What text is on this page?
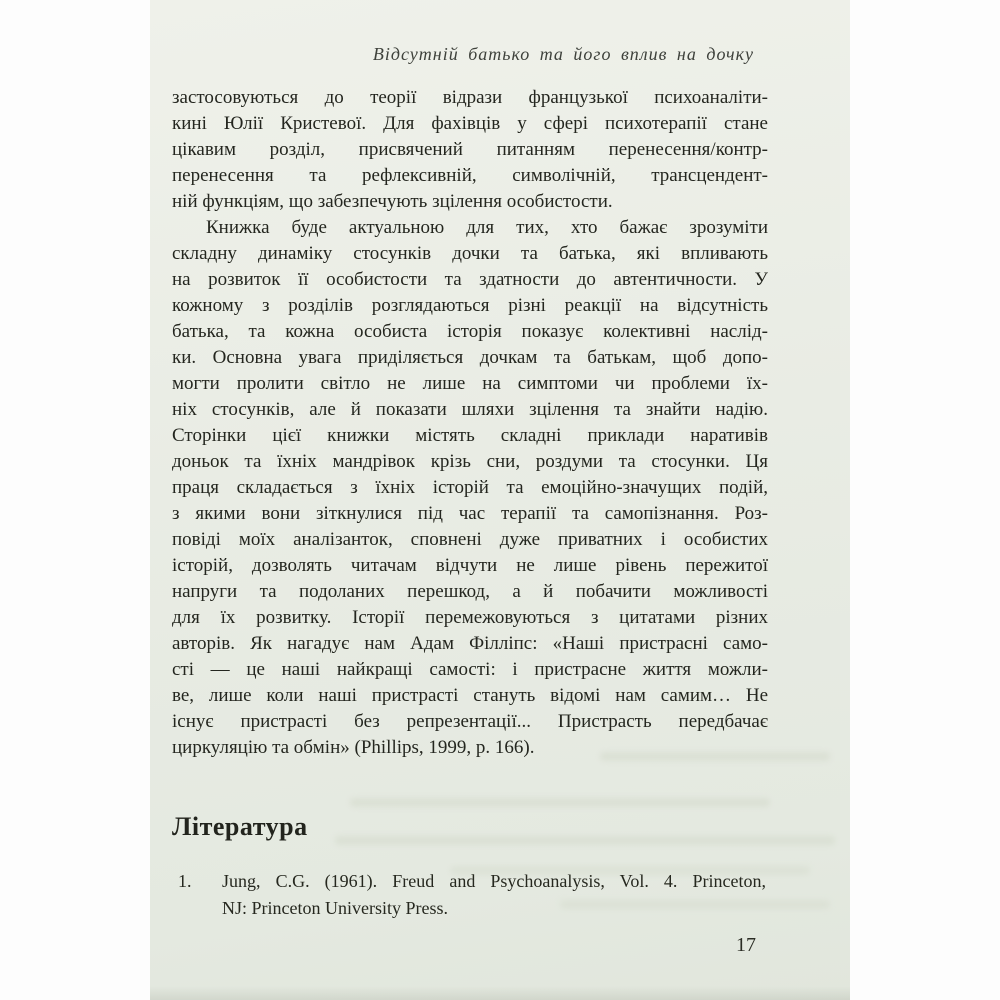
Відсутній батько та його вплив на дочку
застосовуються до теорії відрази французької психоаналіти-
кині Юлії Кристевої. Для фахівців у сфері психотерапії стане
цікавим розділ, присвячений питанням перенесення/контр-
перенесення та рефлексивній, символічній, трансцендент-
ній функціям, що забезпечують зцілення особистости.
Книжка буде актуальною для тих, хто бажає зрозуміти
складну динаміку стосунків дочки та батька, які впливають
на розвиток її особистости та здатности до автентичности. У
кожному з розділів розглядаються різні реакції на відсутність
батька, та кожна особиста історія показує колективні наслід-
ки. Основна увага приділяється дочкам та батькам, щоб допо-
могти пролити світло не лише на симптоми чи проблеми їх-
ніх стосунків, але й показати шляхи зцілення та знайти надію.
Сторінки цієї книжки містять складні приклади наративів
доньок та їхніх мандрівок крізь сни, роздуми та стосунки. Ця
праця складається з їхніх історій та емоційно-значущих подій,
з якими вони зіткнулися під час терапії та самопізнання. Роз-
повіді моїх аналізанток, сповнені дуже приватних і особистих
історій, дозволять читачам відчути не лише рівень пережитої
напруги та подоланих перешкод, а й побачити можливості
для їх розвитку. Історії перемежовуються з цитатами різних
авторів. Як нагадує нам Адам Філліпс: «Наші пристрасні само-
сті — це наші найкращі самості: і пристрасне життя можли-
ве, лише коли наші пристрасті стануть відомі нам самим… Не
існує пристрасті без репрезентації... Пристрасть передбачає
циркуляцію та обмін» (Phillips, 1999, p. 166).
Література
1. Jung, C.G. (1961). Freud and Psychoanalysis, Vol. 4. Princeton,
NJ: Princeton University Press.
17
